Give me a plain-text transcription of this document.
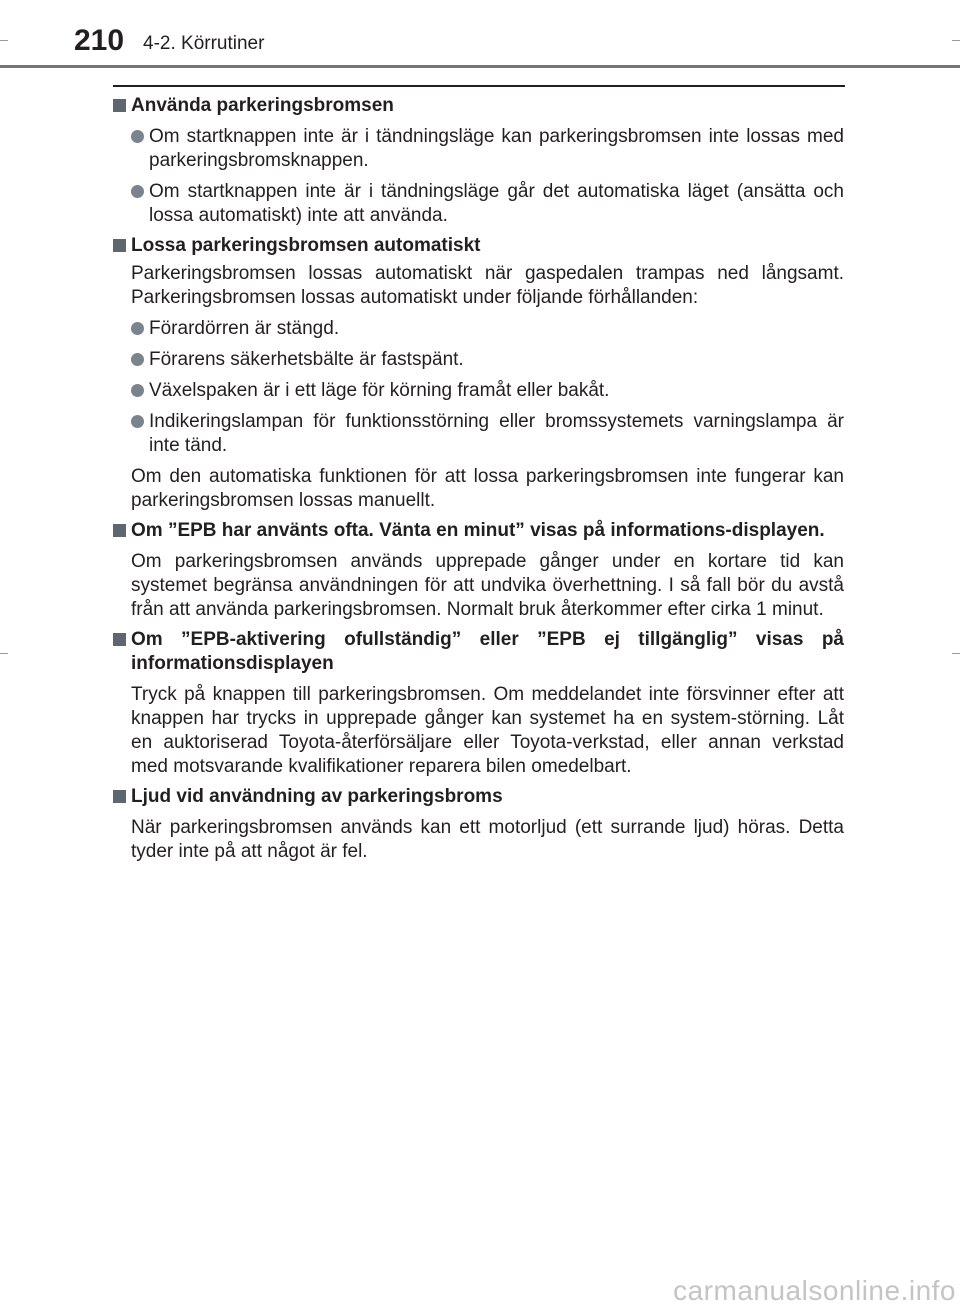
210 4-2. Körrutiner
Använda parkeringsbromsen
Om startknappen inte är i tändningsläge kan parkeringsbromsen inte lossas med parkeringsbromsknappen.
Om startknappen inte är i tändningsläge går det automatiska läget (ansätta och lossa automatiskt) inte att använda.
Lossa parkeringsbromsen automatiskt
Parkeringsbromsen lossas automatiskt när gaspedalen trampas ned långsamt. Parkeringsbromsen lossas automatiskt under följande förhållanden:
Förardörren är stängd.
Förarens säkerhetsbälte är fastspänt.
Växelspaken är i ett läge för körning framåt eller bakåt.
Indikeringslampan för funktionsstörning eller bromssystemets varningslampa är inte tänd.
Om den automatiska funktionen för att lossa parkeringsbromsen inte fungerar kan parkeringsbromsen lossas manuellt.
Om ”EPB har använts ofta. Vänta en minut” visas på informations-displayen.
Om parkeringsbromsen används upprepade gånger under en kortare tid kan systemet begränsa användningen för att undvika överhettning. I så fall bör du avstå från att använda parkeringsbromsen. Normalt bruk återkommer efter cirka 1 minut.
Om ”EPB-aktivering ofullständig” eller ”EPB ej tillgänglig” visas på informationsdisplayen
Tryck på knappen till parkeringsbromsen. Om meddelandet inte försvinner efter att knappen har trycks in upprepade gånger kan systemet ha en system-störning. Låt en auktoriserad Toyota-återförsäljare eller Toyota-verkstad, eller annan verkstad med motsvarande kvalifikationer reparera bilen omedelbart.
Ljud vid användning av parkeringsbroms
När parkeringsbromsen används kan ett motorljud (ett surrande ljud) höras. Detta tyder inte på att något är fel.
carmanualsonline.info
